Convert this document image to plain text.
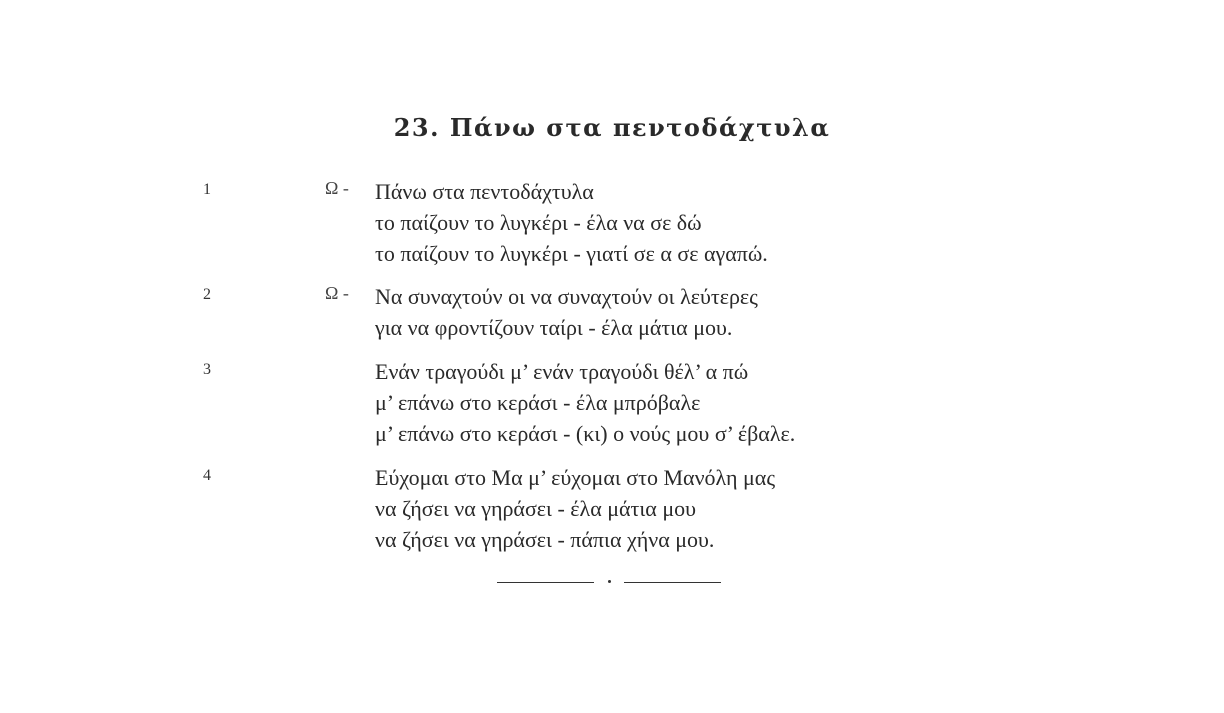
23. Πάνω στα πεντοδάχτυλα
1	Ω - Πάνω στα πεντοδάχτυλα
το παίζουν το λυγκέρι - έλα να σε δώ
το παίζουν το λυγκέρι - γιατί σε α σε αγαπώ.
2	Ω - Να συναχτούν οι να συναχτούν οι λεύτερες
για να φροντίζουν ταίρι - έλα μάτια μου.
3	Ενάν τραγούδι μ’ ενάν τραγούδι θέλ’ α πώ
μ’ επάνω στο κεράσι - έλα μπρόβαλε
μ’ επάνω στο κεράσι - (κι) ο νούς μου σ’ έβαλε.
4	Εύχομαι στο Μα μ’ εύχομαι στο Μανόλη μας
να ζήσει να γηράσει - έλα μάτια μου
να ζήσει να γηράσει - πάπια χήνα μου.
